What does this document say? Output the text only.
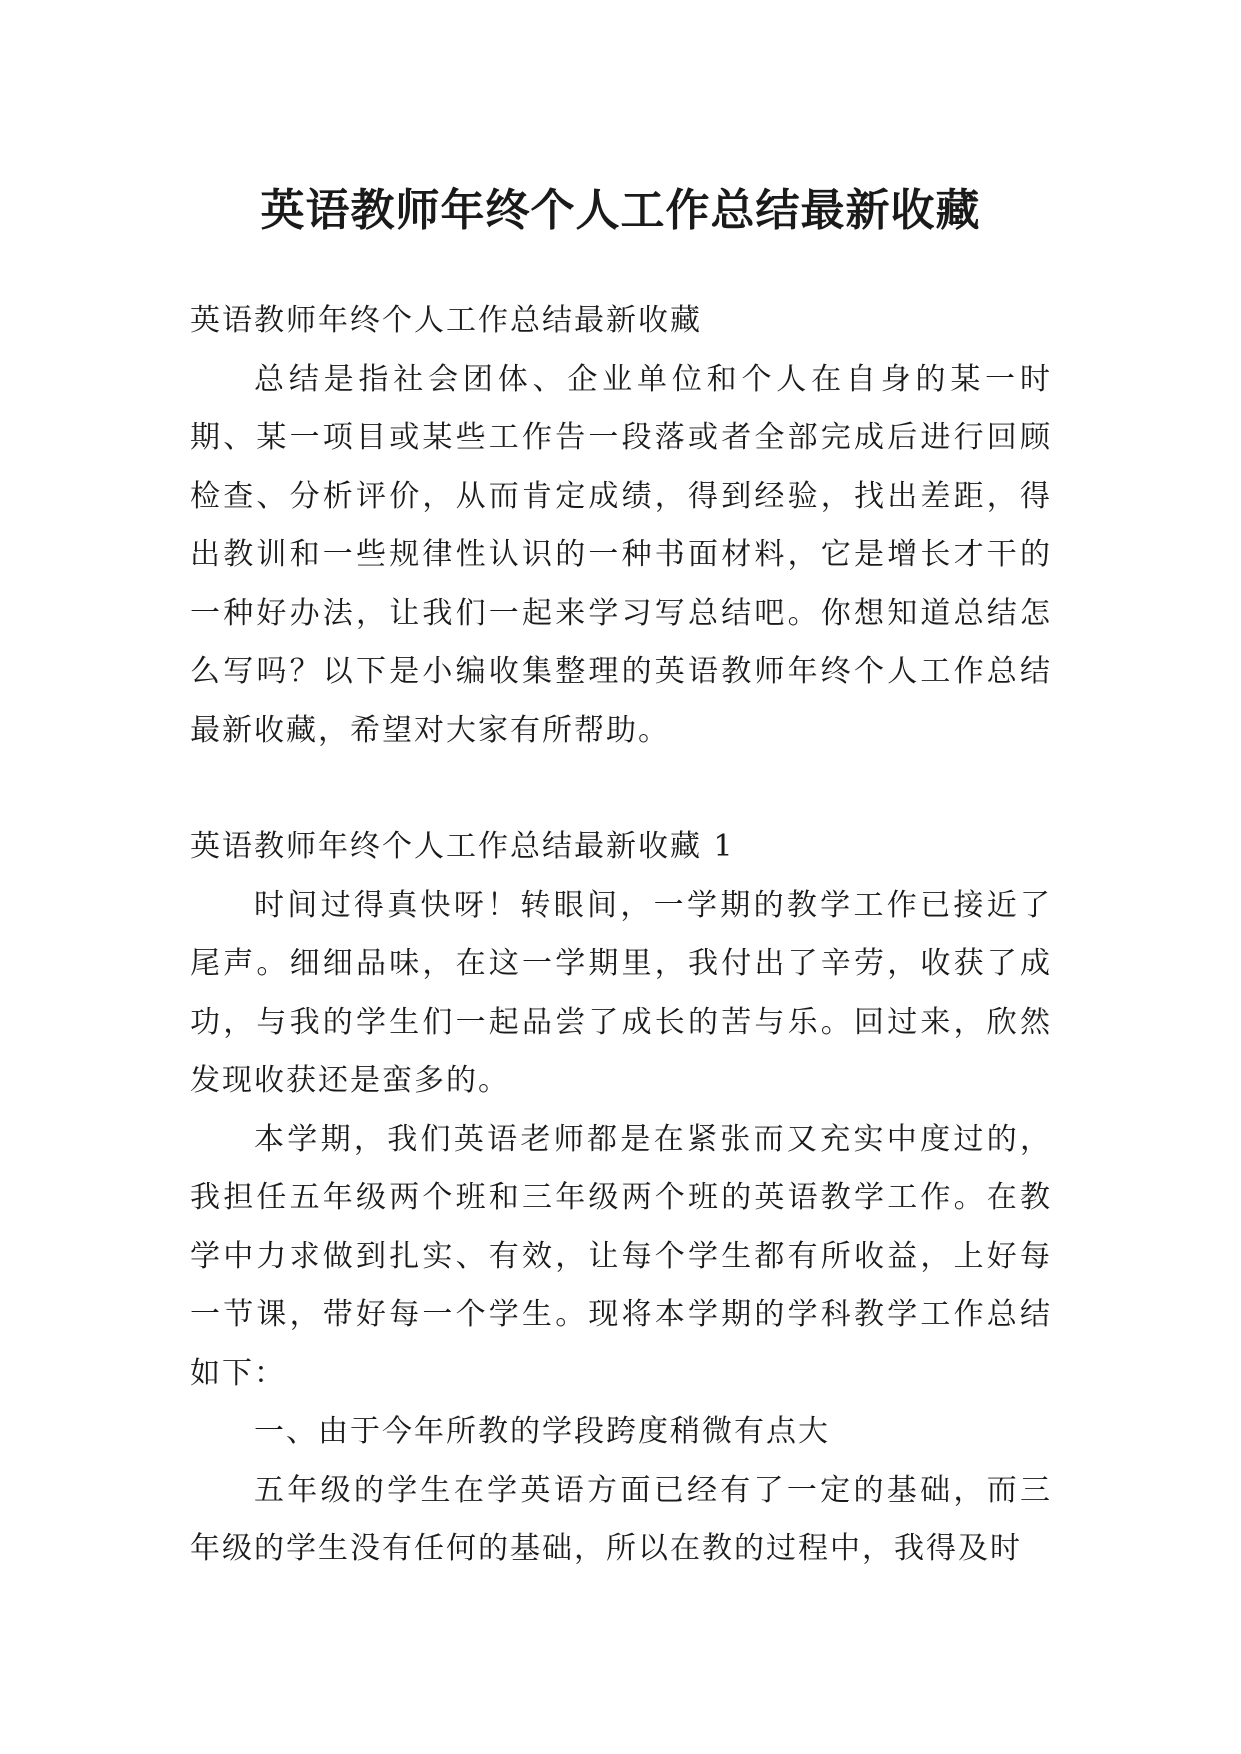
英语教师年终个人工作总结最新收藏

英语教师年终个人工作总结最新收藏

总结是指社会团体、企业单位和个人在自身的某一时期、某一项目或某些工作告一段落或者全部完成后进行回顾检查、分析评价，从而肯定成绩，得到经验，找出差距，得出教训和一些规律性认识的一种书面材料，它是增长才干的一种好办法，让我们一起来学习写总结吧。你想知道总结怎么写吗？以下是小编收集整理的英语教师年终个人工作总结最新收藏，希望对大家有所帮助。

英语教师年终个人工作总结最新收藏 1

时间过得真快呀！转眼间，一学期的教学工作已接近了尾声。细细品味，在这一学期里，我付出了辛劳，收获了成功，与我的学生们一起品尝了成长的苦与乐。回过来，欣然发现收获还是蛮多的。

本学期，我们英语老师都是在紧张而又充实中度过的，我担任五年级两个班和三年级两个班的英语教学工作。在教学中力求做到扎实、有效，让每个学生都有所收益，上好每一节课，带好每一个学生。现将本学期的学科教学工作总结如下：

一、由于今年所教的学段跨度稍微有点大

五年级的学生在学英语方面已经有了一定的基础，而三年级的学生没有任何的基础，所以在教的过程中，我得及时
